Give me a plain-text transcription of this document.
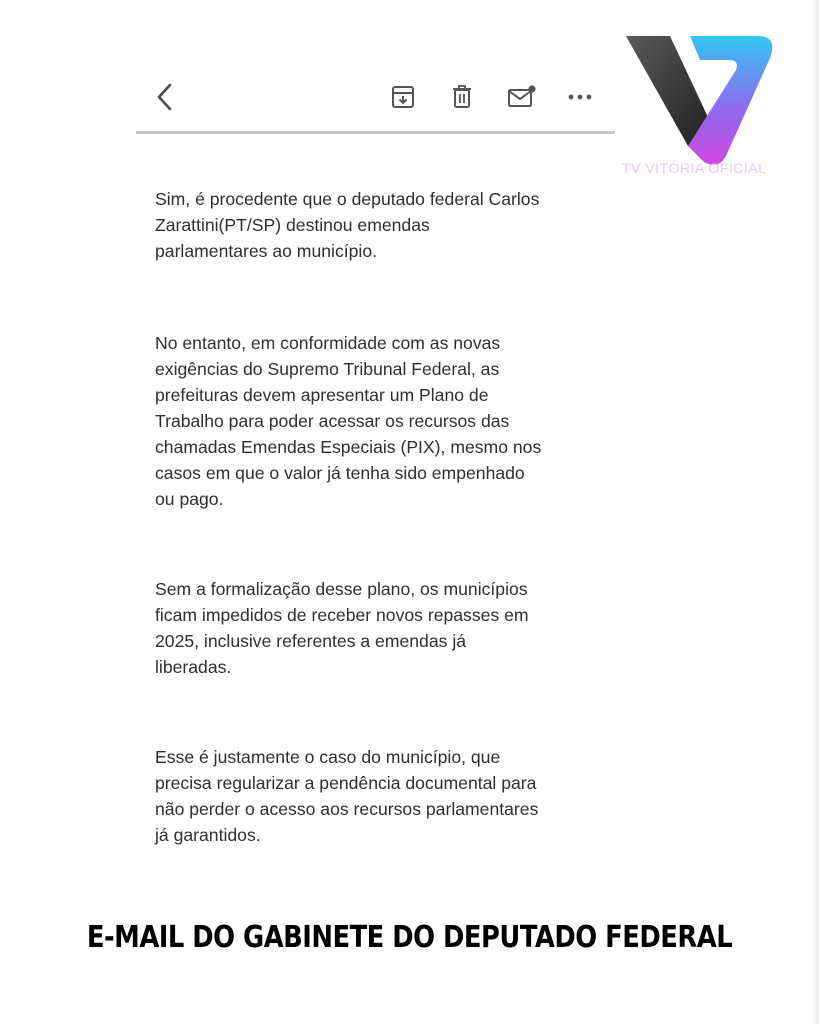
Sim, é procedente que o deputado federal Carlos
Zarattini(PT/SP) destinou emendas
parlamentares ao município.

No entanto, em conformidade com as novas
exigências do Supremo Tribunal Federal, as
prefeituras devem apresentar um Plano de
Trabalho para poder acessar os recursos das
chamadas Emendas Especiais (PIX), mesmo nos
casos em que o valor já tenha sido empenhado
ou pago.

Sem a formalização desse plano, os municípios
ficam impedidos de receber novos repasses em
2025, inclusive referentes a emendas já
liberadas.

Esse é justamente o caso do município, que
precisa regularizar a pendência documental para
não perder o acesso aos recursos parlamentares
já garantidos.

TV VITÓRIA OFICIAL
E-MAIL DO GABINETE DO DEPUTADO FEDERAL
